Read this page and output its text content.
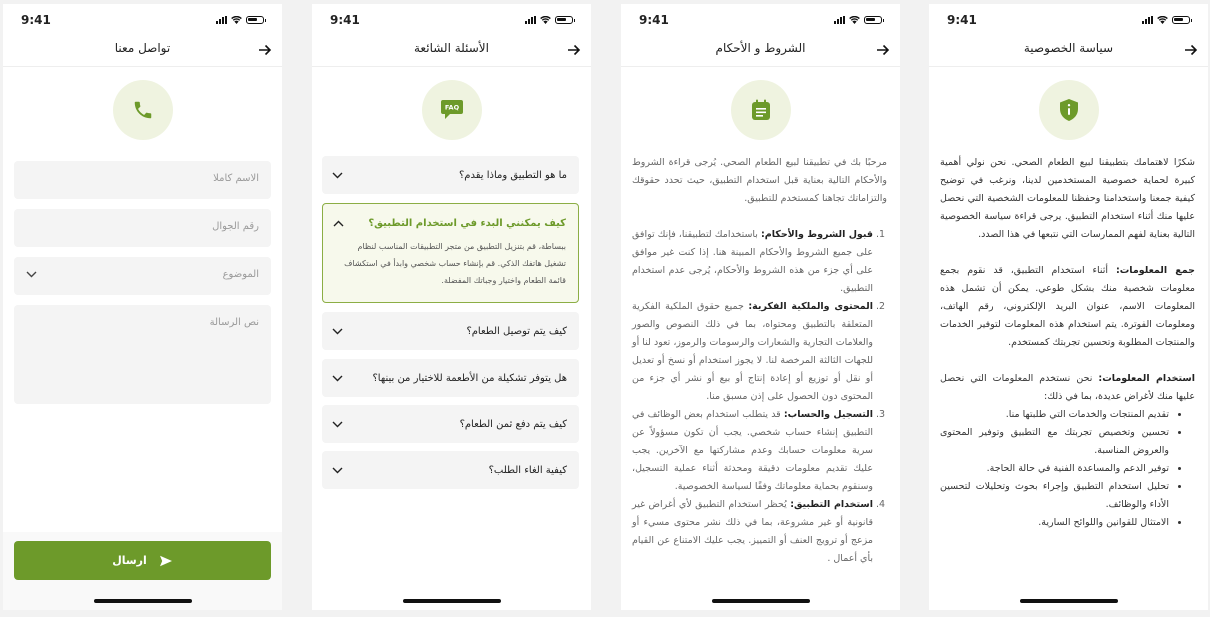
9:41
تواصل معنا
الاسم كاملا
رقم الجوال
الموضوع
نص الرسالة
ارسال
9:41
الأسئلة الشائعة
FAQ
ما هو التطبيق وماذا يقدم؟
كيف يمكنني البدء في استخدام التطبيق؟
ببساطة، قم بتنزيل التطبيق من متجر التطبيقات المناسب لنظام تشغيل هاتفك الذكي. قم بإنشاء حساب شخصي وابدأ في استكشاف قائمة الطعام واختيار وجباتك المفضلة.
كيف يتم توصيل الطعام؟
هل يتوفر تشكيلة من الأطعمة للاختيار من بينها؟
كيف يتم دفع ثمن الطعام؟
كيفية الغاء الطلب؟
9:41
الشروط و الأحكام

مرحبًا بك في تطبيقنا لبيع الطعام الصحي. يُرجى قراءة الشروط والأحكام التالية بعناية قبل استخدام التطبيق، حيث تحدد حقوقك والتزاماتك تجاهنا كمستخدم للتطبيق.

1. قبول الشروط والأحكام: باستخدامك لتطبيقنا، فإنك توافق على جميع الشروط والأحكام المبينة هنا. إذا كنت غير موافق على أي جزء من هذه الشروط والأحكام، يُرجى عدم استخدام التطبيق.
2. المحتوى والملكية الفكرية: جميع حقوق الملكية الفكرية المتعلقة بالتطبيق ومحتواه، بما في ذلك النصوص والصور والعلامات التجارية والشعارات والرسومات والرموز، تعود لنا أو للجهات الثالثة المرخصة لنا. لا يجوز استخدام أو نسخ أو تعديل أو نقل أو توزيع أو إعادة إنتاج أو بيع أو نشر أي جزء من المحتوى دون الحصول على إذن مسبق منا.
3. التسجيل والحساب: قد يتطلب استخدام بعض الوظائف في التطبيق إنشاء حساب شخصي. يجب أن تكون مسؤولاً عن سرية معلومات حسابك وعدم مشاركتها مع الآخرين. يجب عليك تقديم معلومات دقيقة ومحدثة أثناء عملية التسجيل، وسنقوم بحماية معلوماتك وفقًا لسياسة الخصوصية.
4. استخدام التطبيق: يُحظر استخدام التطبيق لأي أغراض غير قانونية أو غير مشروعة، بما في ذلك نشر محتوى مسيء أو مزعج أو ترويج العنف أو التمييز. يجب عليك الامتناع عن القيام بأي أعمال .
9:41
سياسة الخصوصية

شكرًا لاهتمامك بتطبيقنا لبيع الطعام الصحي. نحن نولي أهمية كبيرة لحماية خصوصية المستخدمين لدينا، ونرغب في توضيح كيفية جمعنا واستخدامنا وحفظنا للمعلومات الشخصية التي نحصل عليها منك أثناء استخدام التطبيق. يرجى قراءة سياسة الخصوصية التالية بعناية لفهم الممارسات التي نتبعها في هذا الصدد.

جمع المعلومات: أثناء استخدام التطبيق، قد نقوم بجمع معلومات شخصية منك بشكل طوعي. يمكن أن تشمل هذه المعلومات الاسم، عنوان البريد الإلكتروني، رقم الهاتف، ومعلومات الفوترة. يتم استخدام هذه المعلومات لتوفير الخدمات والمنتجات المطلوبة وتحسين تجربتك كمستخدم.

استخدام المعلومات: نحن نستخدم المعلومات التي نحصل عليها منك لأغراض عديدة، بما في ذلك:
• تقديم المنتجات والخدمات التي طلبتها منا.
• تحسين وتخصيص تجربتك مع التطبيق وتوفير المحتوى والعروض المناسبة.
• توفير الدعم والمساعدة الفنية في حالة الحاجة.
• تحليل استخدام التطبيق وإجراء بحوث وتحليلات لتحسين الأداء والوظائف.
• الامتثال للقوانين واللوائح السارية.
